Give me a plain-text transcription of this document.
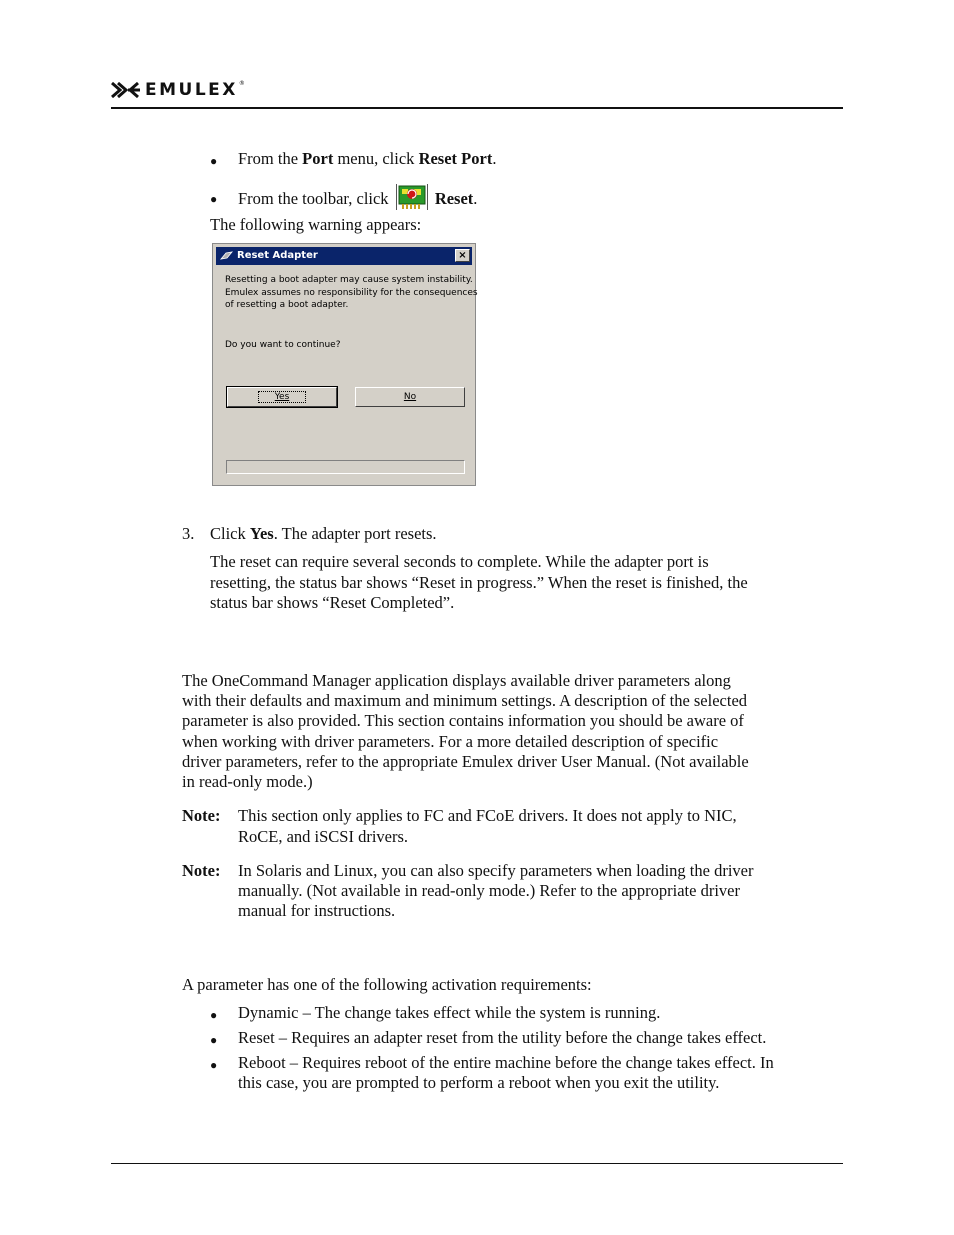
EMULEX®
● From the Port menu, click Reset Port.
● From the toolbar, click	Reset.
The following warning appears:
Reset Adapter	×
Resetting a boot adapter may cause system instability.
Emulex assumes no responsibility for the consequences
of resetting a boot adapter.
Do you want to continue?
Yes	No
3. Click Yes. The adapter port resets.
The reset can require several seconds to complete. While the adapter port is
resetting, the status bar shows “Reset in progress.” When the reset is finished, the
status bar shows “Reset Completed”.
The OneCommand Manager application displays available driver parameters along
with their defaults and maximum and minimum settings. A description of the selected
parameter is also provided. This section contains information you should be aware of
when working with driver parameters. For a more detailed description of specific
driver parameters, refer to the appropriate Emulex driver User Manual. (Not available
in read-only mode.)
Note: This section only applies to FC and FCoE drivers. It does not apply to NIC,
RoCE, and iSCSI drivers.
Note: In Solaris and Linux, you can also specify parameters when loading the driver
manually. (Not available in read-only mode.) Refer to the appropriate driver
manual for instructions.
A parameter has one of the following activation requirements:
● Dynamic – The change takes effect while the system is running.
● Reset – Requires an adapter reset from the utility before the change takes effect.
● Reboot – Requires reboot of the entire machine before the change takes effect. In
this case, you are prompted to perform a reboot when you exit the utility.
